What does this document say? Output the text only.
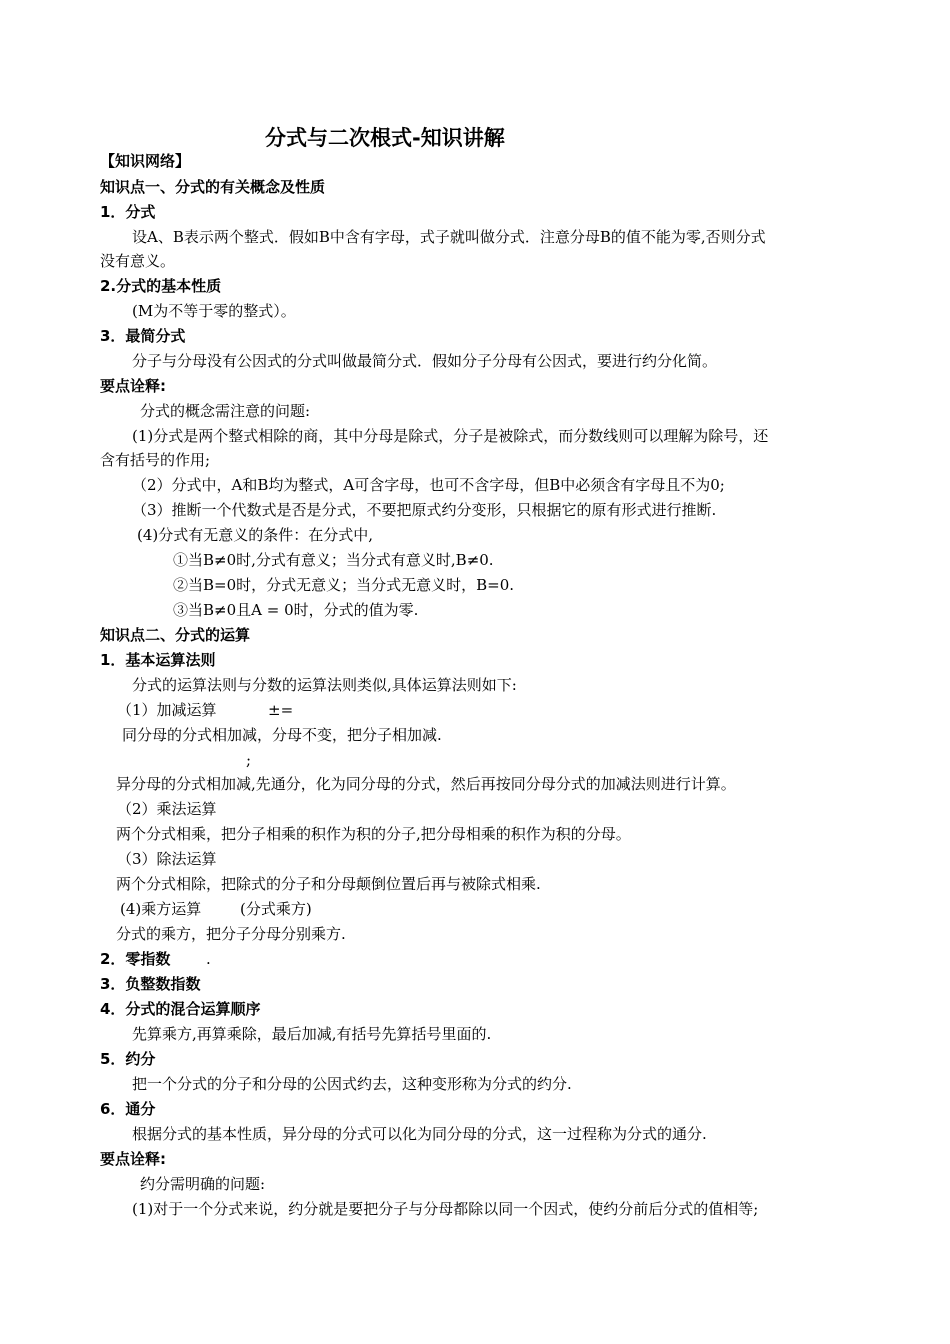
分式与二次根式-知识讲解
【知识网络】
知识点一、分式的有关概念及性质
1．分式
设A、B表示两个整式．假如B中含有字母，式子就叫做分式．注意分母B的值不能为零,否则分式
没有意义。
2.分式的基本性质
(M为不等于零的整式）。
3．最简分式
分子与分母没有公因式的分式叫做最简分式．假如分子分母有公因式，要进行约分化简。
要点诠释:
分式的概念需注意的问题:
(1)分式是两个整式相除的商，其中分母是除式，分子是被除式，而分数线则可以理解为除号，还
含有括号的作用;
（2）分式中，A和B均为整式，A可含字母，也可不含字母，但B中必须含有字母且不为0;
（3）推断一个代数式是否是分式，不要把原式约分变形，只根据它的原有形式进行推断.
(4)分式有无意义的条件：在分式中,
①当B≠0时,分式有意义；当分式有意义时,B≠0.
②当B=0时，分式无意义；当分式无意义时，B=0.
③当B≠0且A = 0时，分式的值为零.
知识点二、分式的运算
1．基本运算法则
分式的运算法则与分数的运算法则类似,具体运算法则如下:
（1）加减运算	±=
同分母的分式相加减，分母不变，把分子相加减.
;
异分母的分式相加减,先通分，化为同分母的分式，然后再按同分母分式的加减法则进行计算。
（2）乘法运算
两个分式相乘，把分子相乘的积作为积的分子,把分母相乘的积作为积的分母。
（3）除法运算
两个分式相除，把除式的分子和分母颠倒位置后再与被除式相乘.
(4)乘方运算	(分式乘方)
分式的乘方，把分子分母分别乘方.
2．零指数 .
3．负整数指数
4．分式的混合运算顺序
先算乘方,再算乘除，最后加减,有括号先算括号里面的.
5．约分
把一个分式的分子和分母的公因式约去，这种变形称为分式的约分.
6．通分
根据分式的基本性质，异分母的分式可以化为同分母的分式，这一过程称为分式的通分.
要点诠释:
约分需明确的问题:
(1)对于一个分式来说，约分就是要把分子与分母都除以同一个因式，使约分前后分式的值相等;
